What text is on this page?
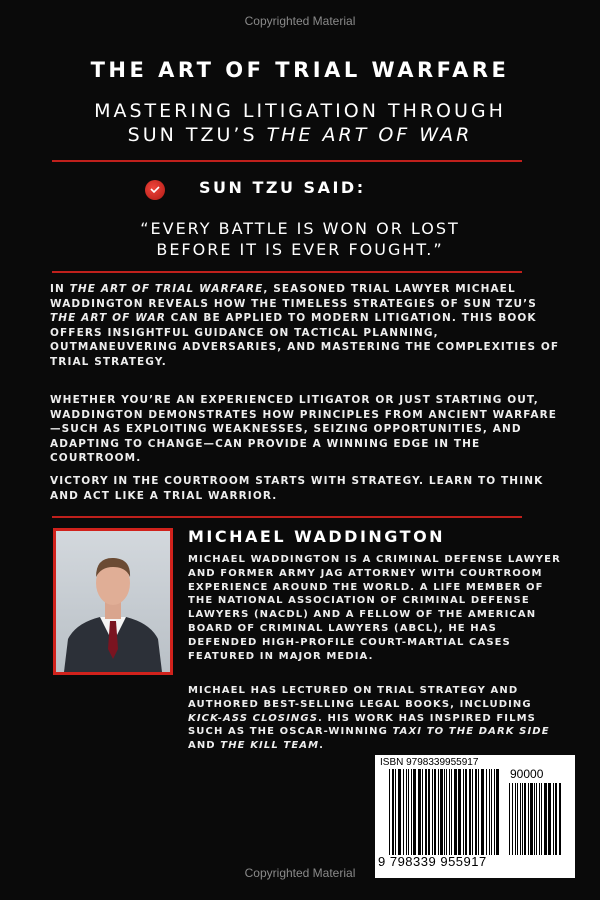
Copyrighted Material
THE ART OF TRIAL WARFARE
MASTERING LITIGATION THROUGH
SUN TZU’S THE ART OF WAR
SUN TZU SAID:
“EVERY BATTLE IS WON OR LOST
BEFORE IT IS EVER FOUGHT.”
IN THE ART OF TRIAL WARFARE, SEASONED TRIAL LAWYER MICHAEL WADDINGTON REVEALS HOW THE TIMELESS STRATEGIES OF SUN TZU’S THE ART OF WAR CAN BE APPLIED TO MODERN LITIGATION. THIS BOOK OFFERS INSIGHTFUL GUIDANCE ON TACTICAL PLANNING, OUTMANEUVERING ADVERSARIES, AND MASTERING THE COMPLEXITIES OF TRIAL STRATEGY.
WHETHER YOU’RE AN EXPERIENCED LITIGATOR OR JUST STARTING OUT, WADDINGTON DEMONSTRATES HOW PRINCIPLES FROM ANCIENT WARFARE—SUCH AS EXPLOITING WEAKNESSES, SEIZING OPPORTUNITIES, AND ADAPTING TO CHANGE—CAN PROVIDE A WINNING EDGE IN THE COURTROOM.
VICTORY IN THE COURTROOM STARTS WITH STRATEGY. LEARN TO THINK AND ACT LIKE A TRIAL WARRIOR.
MICHAEL WADDINGTON
MICHAEL WADDINGTON IS A CRIMINAL DEFENSE LAWYER AND FORMER ARMY JAG ATTORNEY WITH COURTROOM EXPERIENCE AROUND THE WORLD. A LIFE MEMBER OF THE NATIONAL ASSOCIATION OF CRIMINAL DEFENSE LAWYERS (NACDL) AND A FELLOW OF THE AMERICAN BOARD OF CRIMINAL LAWYERS (ABCL), HE HAS DEFENDED HIGH-PROFILE COURT-MARTIAL CASES FEATURED IN MAJOR MEDIA.
MICHAEL HAS LECTURED ON TRIAL STRATEGY AND AUTHORED BEST-SELLING LEGAL BOOKS, INCLUDING KICK-ASS CLOSINGS. HIS WORK HAS INSPIRED FILMS SUCH AS THE OSCAR-WINNING TAXI TO THE DARK SIDE AND THE KILL TEAM.
ISBN 9798339955917
90000
9 798339 955917
Copyrighted Material
